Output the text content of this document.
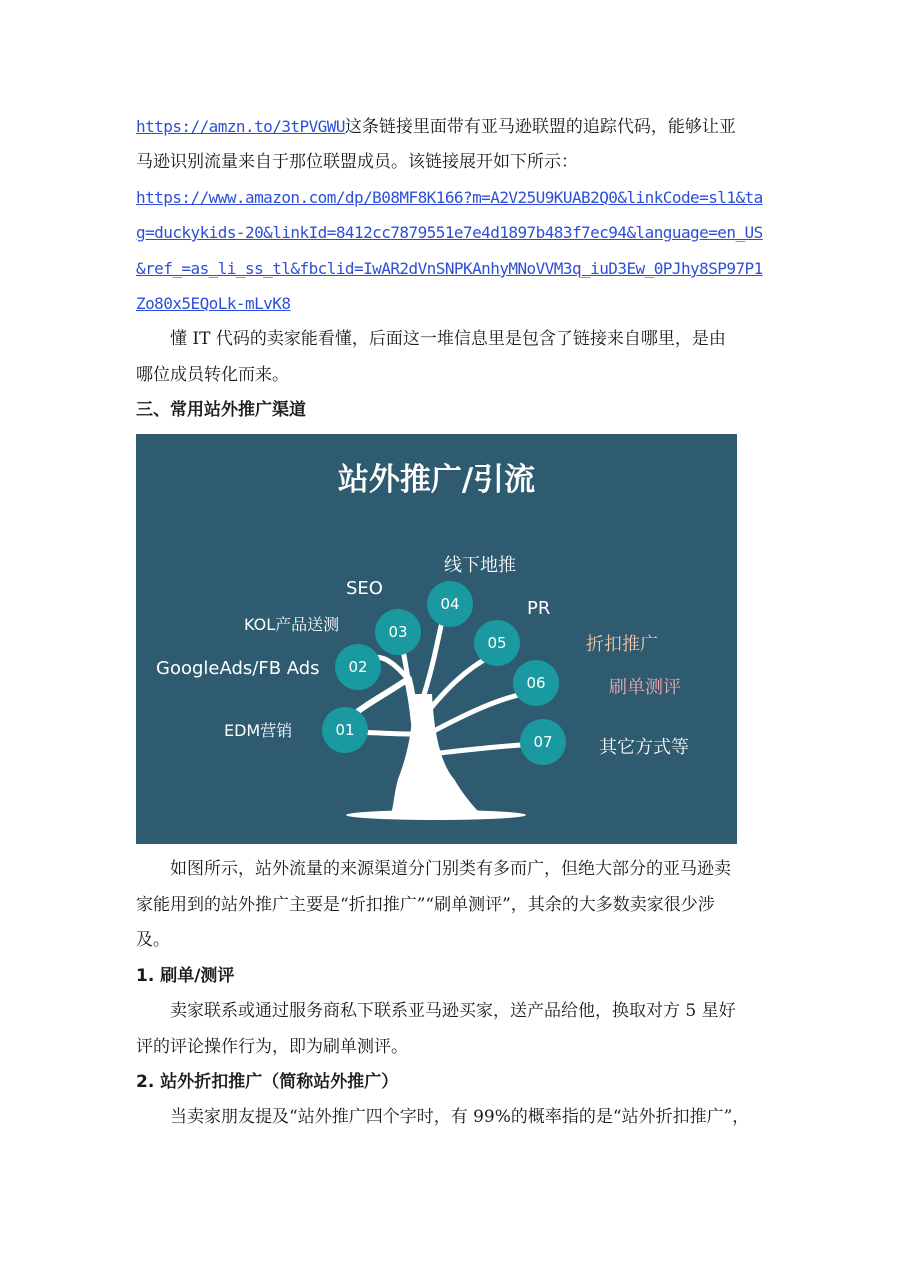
https://amzn.to/3tPVGWU这条链接里面带有亚马逊联盟的追踪代码，能够让亚
马逊识别流量来自于那位联盟成员。该链接展开如下所示：
https://www.amazon.com/dp/B08MF8K166?m=A2V25U9KUAB2Q0&linkCode=sl1&ta
g=duckykids-20&linkId=8412cc7879551e7e4d1897b483f7ec94&language=en_US
&ref_=as_li_ss_tl&fbclid=IwAR2dVnSNPKAnhyMNoVVM3q_iuD3Ew_0PJhy8SP97P1
Zo80x5EQoLk-mLvK8
懂 IT 代码的卖家能看懂，后面这一堆信息里是包含了链接来自哪里，是由
哪位成员转化而来。
三、常用站外推广渠道
站外推广/引流
01
02
03
04
05
06
07
EDM营销
GoogleAds/FB Ads
KOL产品送测
SEO
线下地推
PR
折扣推广
刷单测评
其它方式等
如图所示，站外流量的来源渠道分门别类有多而广，但绝大部分的亚马逊卖
家能用到的站外推广主要是“折扣推广”“刷单测评”，其余的大多数卖家很少涉
及。
1. 刷单/测评
卖家联系或通过服务商私下联系亚马逊买家，送产品给他，换取对方 5 星好
评的评论操作行为，即为刷单测评。
2. 站外折扣推广（简称站外推广）
当卖家朋友提及“站外推广四个字时，有 99%的概率指的是“站外折扣推广”，
